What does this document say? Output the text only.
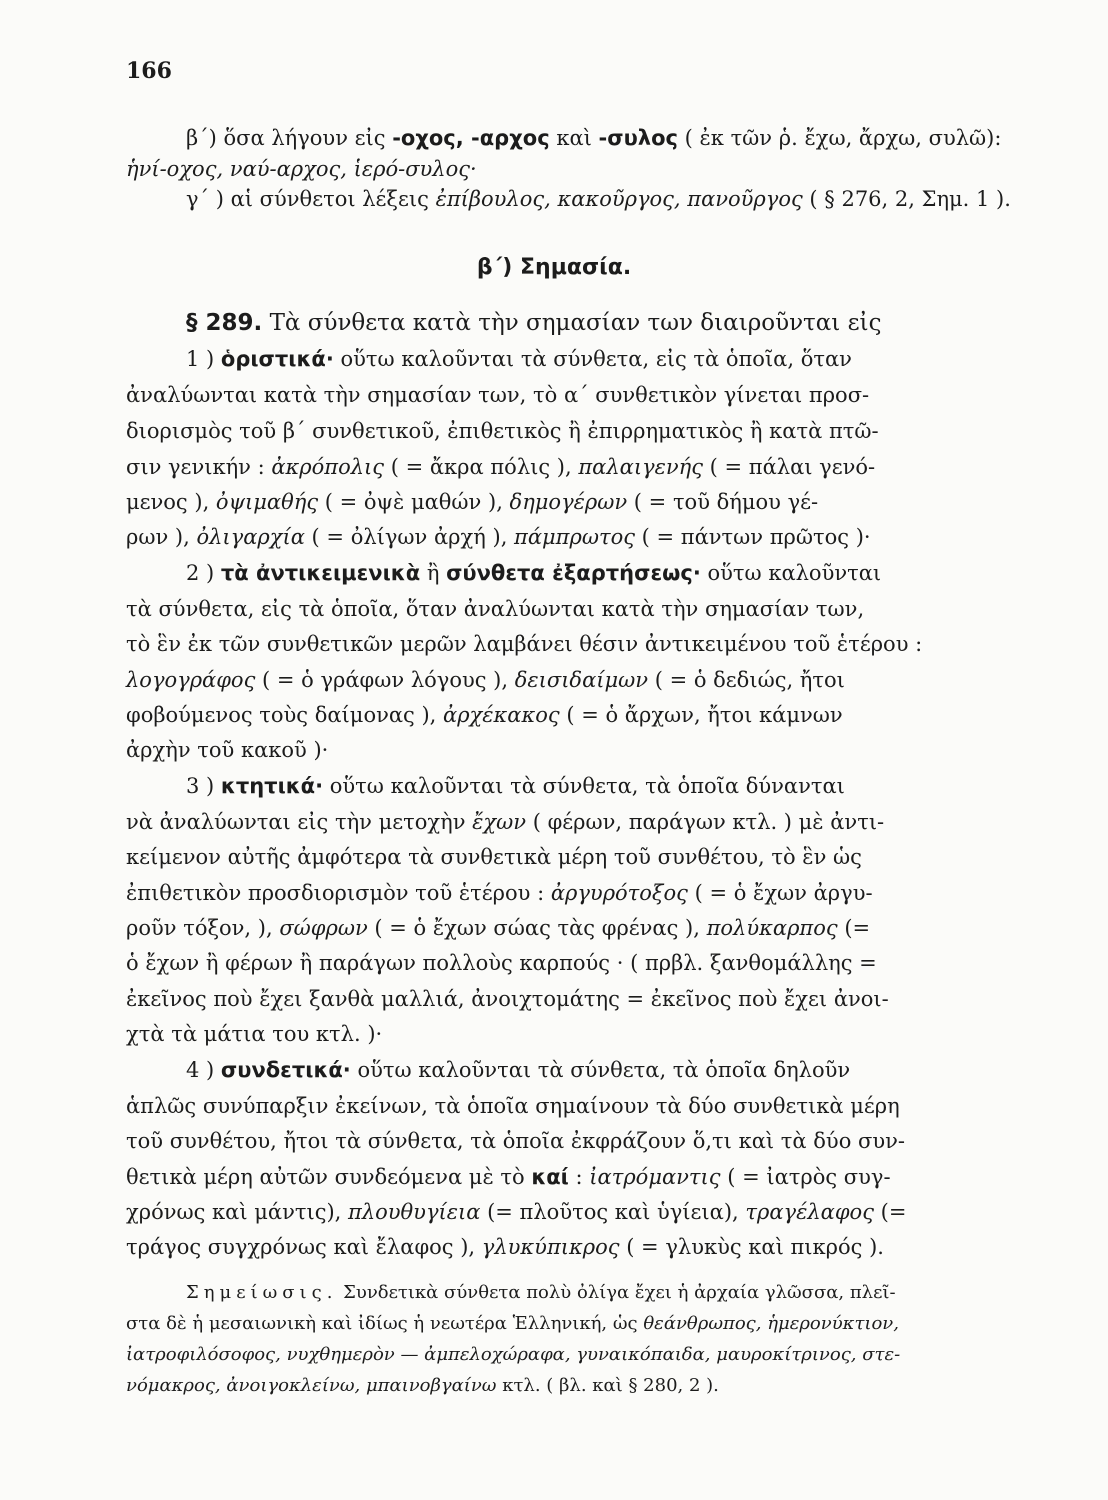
166
β΄) ὅσα λήγουν εἰς -οχος, -αρχος καὶ -συλος ( ἐκ τῶν ῥ. ἔχω, ἄρχω, συλῶ):
ἡνί-οχος, ναύ-αρχος, ἱερό-συλος·
γ΄ ) αἱ σύνθετοι λέξεις ἐπίβουλος, κακοῦργος, πανοῦργος ( § 276, 2, Σημ. 1 ).
β΄) Σημασία.
§ 289. Τὰ σύνθετα κατὰ τὴν σημασίαν των διαιροῦνται εἰς
1 ) ὁριστικά· οὕτω καλοῦνται τὰ σύνθετα, εἰς τὰ ὁποῖα, ὅταν
ἀναλύωνται κατὰ τὴν σημασίαν των, τὸ α΄ συνθετικὸν γίνεται προσ-
διορισμὸς τοῦ β΄ συνθετικοῦ, ἐπιθετικὸς ἢ ἐπιρρηματικὸς ἢ κατὰ πτῶ-
σιν γενικήν : ἀκρόπολις ( = ἄκρα πόλις ), παλαιγενής ( = πάλαι γενό-
μενος ), ὀψιμαθής ( = ὀψὲ μαθών ), δημογέρων ( = τοῦ δήμου γέ-
ρων ), ὀλιγαρχία ( = ὀλίγων ἀρχή ), πάμπρωτος ( = πάντων πρῶτος )·
2 ) τὰ ἀντικειμενικὰ ἢ σύνθετα ἐξαρτήσεως· οὕτω καλοῦνται
τὰ σύνθετα, εἰς τὰ ὁποῖα, ὅταν ἀναλύωνται κατὰ τὴν σημασίαν των,
τὸ ἓν ἐκ τῶν συνθετικῶν μερῶν λαμβάνει θέσιν ἀντικειμένου τοῦ ἑτέρου :
λογογράφος ( = ὁ γράφων λόγους ), δεισιδαίμων ( = ὁ δεδιώς, ἤτοι
φοβούμενος τοὺς δαίμονας ), ἀρχέκακος ( = ὁ ἄρχων, ἤτοι κάμνων
ἀρχὴν τοῦ κακοῦ )·
3 ) κτητικά· οὕτω καλοῦνται τὰ σύνθετα, τὰ ὁποῖα δύνανται
νὰ ἀναλύωνται εἰς τὴν μετοχὴν ἔχων ( φέρων, παράγων κτλ. ) μὲ ἀντι-
κείμενον αὐτῆς ἀμφότερα τὰ συνθετικὰ μέρη τοῦ συνθέτου, τὸ ἓν ὡς
ἐπιθετικὸν προσδιορισμὸν τοῦ ἑτέρου : ἀργυρότοξος ( = ὁ ἔχων ἀργυ-
ροῦν τόξον, ), σώφρων ( = ὁ ἔχων σώας τὰς φρένας ), πολύκαρπος (=
ὁ ἔχων ἢ φέρων ἢ παράγων πολλοὺς καρπούς · ( πρβλ. ξανθομάλλης =
ἐκεῖνος ποὺ ἔχει ξανθὰ μαλλιά, ἀνοιχτομάτης = ἐκεῖνος ποὺ ἔχει ἀνοι-
χτὰ τὰ μάτια του κτλ. )·
4 ) συνδετικά· οὕτω καλοῦνται τὰ σύνθετα, τὰ ὁποῖα δηλοῦν
ἁπλῶς συνύπαρξιν ἐκείνων, τὰ ὁποῖα σημαίνουν τὰ δύο συνθετικὰ μέρη
τοῦ συνθέτου, ἤτοι τὰ σύνθετα, τὰ ὁποῖα ἐκφράζουν ὅ,τι καὶ τὰ δύο συν-
θετικὰ μέρη αὐτῶν συνδεόμενα μὲ τὸ καί : ἰατρόμαντις ( = ἰατρὸς συγ-
χρόνως καὶ μάντις), πλουθυγίεια (= πλοῦτος καὶ ὑγίεια), τραγέλαφος (=
τράγος συγχρόνως καὶ ἔλαφος ), γλυκύπικρος ( = γλυκὺς καὶ πικρός ).
Σημείωσις. Συνδετικὰ σύνθετα πολὺ ὀλίγα ἔχει ἡ ἀρχαία γλῶσσα, πλεῖ-
στα δὲ ἡ μεσαιωνικὴ καὶ ἰδίως ἡ νεωτέρα Ἑλληνική, ὡς θεάνθρωπος, ἡμερονύκτιον,
ἰατροφιλόσοφος, νυχθημερὸν — ἀμπελοχώραφα, γυναικόπαιδα, μαυροκίτρινος, στε-
νόμακρος, ἀνοιγοκλείνω, μπαινοβγαίνω κτλ. ( βλ. καὶ § 280, 2 ).
